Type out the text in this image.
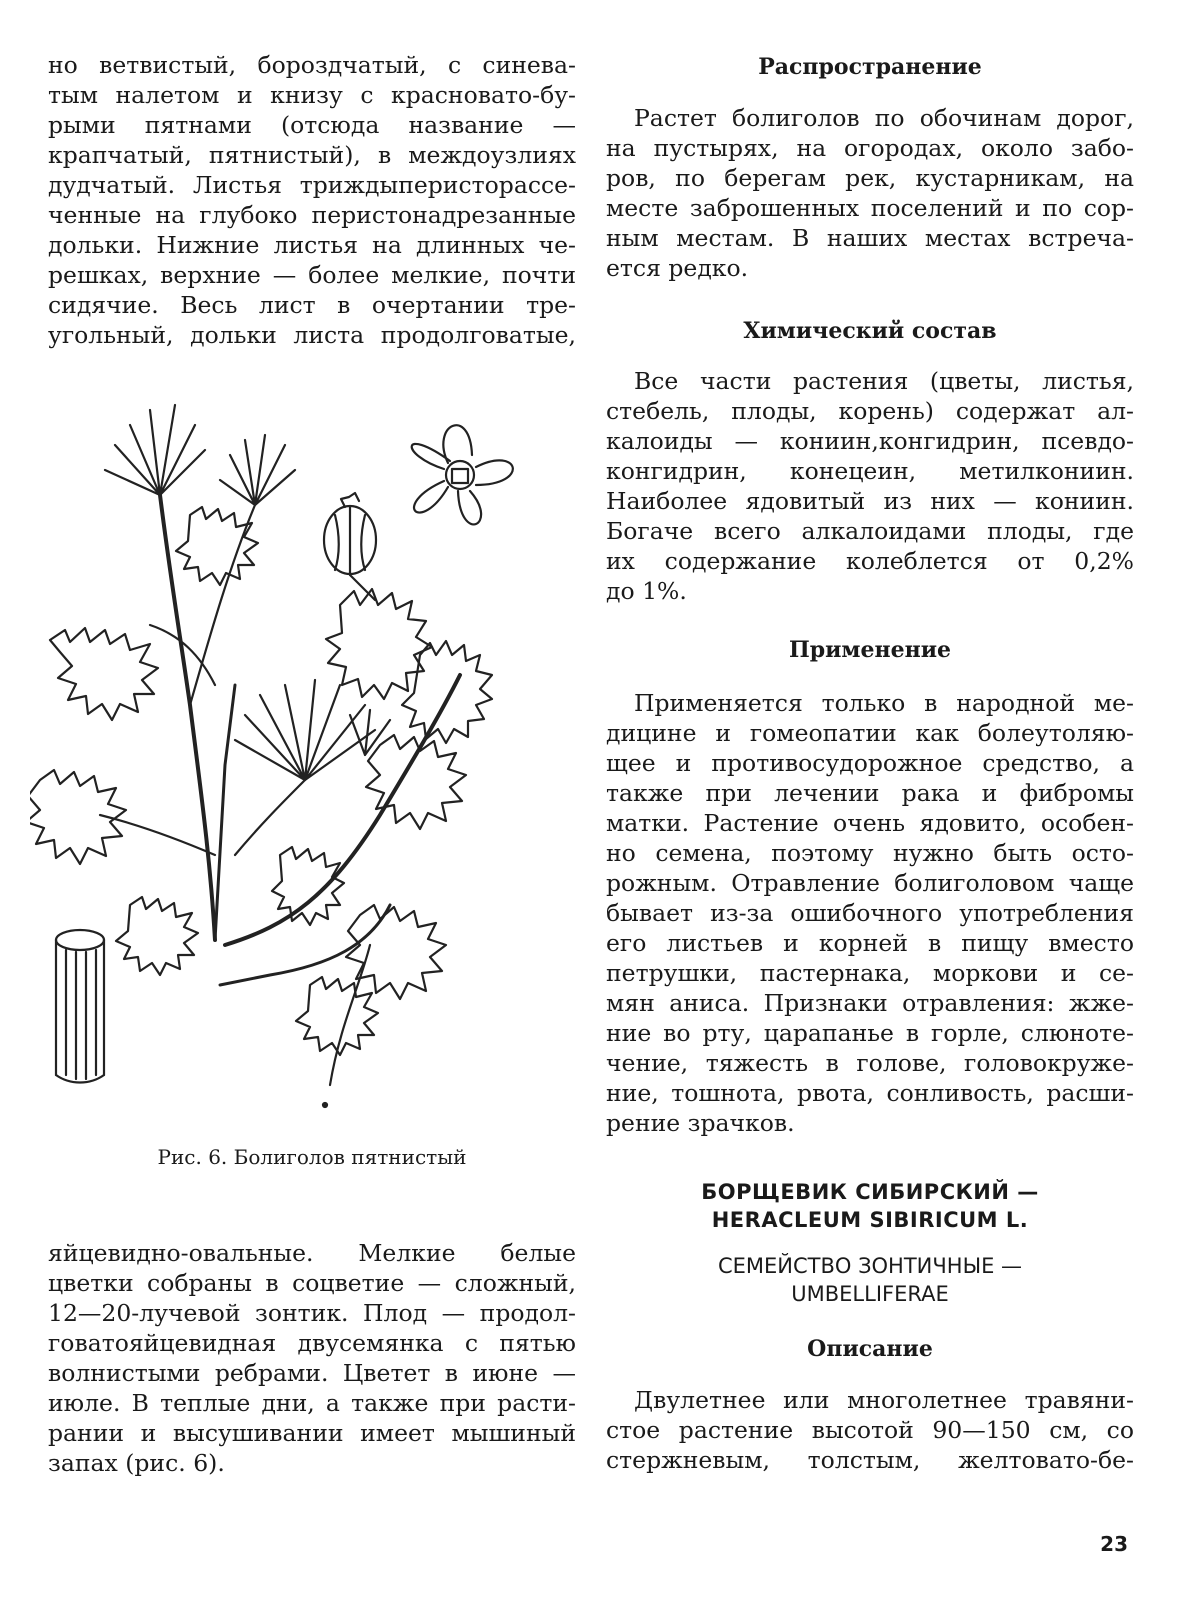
но ветвистый, бороздчатый, с синева-
тым налетом и книзу с красновато-бу-
рыми пятнами (отсюда название —
крапчатый, пятнистый), в междоузлиях
дудчатый. Листья триждыперисторассе-
ченные на глубоко перистонадрезанные
дольки. Нижние листья на длинных че-
решках, верхние — более мелкие, почти
сидячие. Весь лист в очертании тре-
угольный, дольки листа продолговатые,
Рис. 6. Болиголов пятнистый
яйцевидно-овальные. Мелкие белые
цветки собраны в соцветие — сложный,
12—20-лучевой зонтик. Плод — продол-
говатояйцевидная двусемянка с пятью
волнистыми ребрами. Цветет в июне —
июле. В теплые дни, а также при расти-
рании и высушивании имеет мышиный
запах (рис. 6).
Распространение
Растет болиголов по обочинам дорог,
на пустырях, на огородах, около забо-
ров, по берегам рек, кустарникам, на
месте заброшенных поселений и по сор-
ным местам. В наших местах встреча-
ется редко.
Химический состав
Все части растения (цветы, листья,
стебель, плоды, корень) содержат ал-
калоиды — кониин,конгидрин, псевдо-
конгидрин, конецеин, метилкониин.
Наиболее ядовитый из них — кониин.
Богаче всего алкалоидами плоды, где
их содержание колеблется от 0,2%
до 1%.
Применение
Применяется только в народной ме-
дицине и гомеопатии как болеутоляю-
щее и противосудорожное средство, а
также при лечении рака и фибромы
матки. Растение очень ядовито, особен-
но семена, поэтому нужно быть осто-
рожным. Отравление болиголовом чаще
бывает из-за ошибочного употребления
его листьев и корней в пищу вместо
петрушки, пастернака, моркови и се-
мян аниса. Признаки отравления: жже-
ние во рту, царапанье в горле, слюноте-
чение, тяжесть в голове, головокруже-
ние, тошнота, рвота, сонливость, расши-
рение зрачков.
БОРЩЕВИК СИБИРСКИЙ —
HERACLEUM SIBIRICUM L.
СЕМЕЙСТВО ЗОНТИЧНЫЕ —
UMBELLIFERAE
Описание
Двулетнее или многолетнее травяни-
стое растение высотой 90—150 см, со
стержневым, толстым, желтовато-бе-
23
